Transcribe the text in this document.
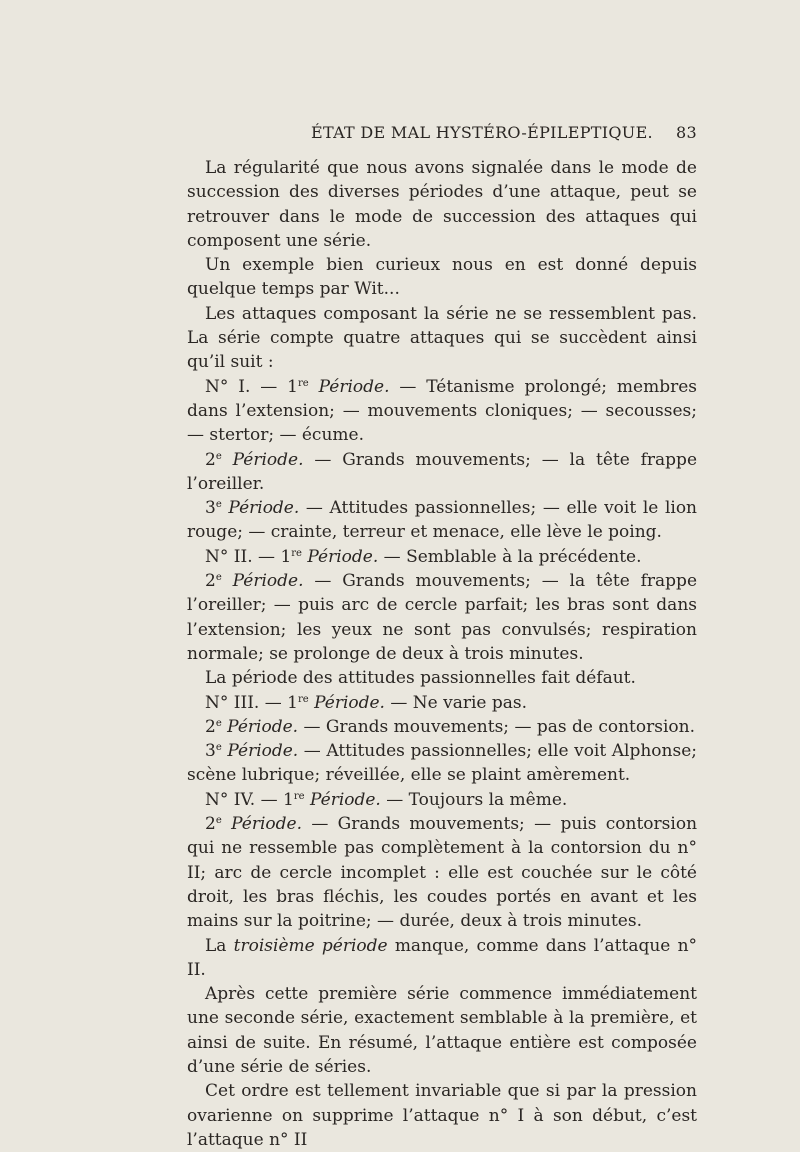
ÉTAT DE MAL HYSTÉRO-ÉPILEPTIQUE. 83

La régularité que nous avons signalée dans le mode de succession des diverses périodes d’une attaque, peut se retrouver dans le mode de succession des attaques qui composent une série.

Un exemple bien curieux nous en est donné depuis quelque temps par Wit...

Les attaques composant la série ne se ressemblent pas. La série compte quatre attaques qui se succèdent ainsi qu’il suit :

N° I. — 1re Période. — Tétanisme prolongé; membres dans l’extension; — mouvements cloniques; — secousses; — stertor; — écume.

2e Période. — Grands mouvements; — la tête frappe l’oreiller.

3e Période. — Attitudes passionnelles; — elle voit le lion rouge; — crainte, terreur et menace, elle lève le poing.

N° II. — 1re Période. — Semblable à la précédente.

2e Période. — Grands mouvements; — la tête frappe l’oreiller; — puis arc de cercle parfait; les bras sont dans l’extension; les yeux ne sont pas convulsés; respiration normale; se prolonge de deux à trois minutes.

La période des attitudes passionnelles fait défaut.

N° III. — 1re Période. — Ne varie pas.

2e Période. — Grands mouvements; — pas de contorsion.

3e Période. — Attitudes passionnelles; elle voit Alphonse; scène lubrique; réveillée, elle se plaint amèrement.

N° IV. — 1re Période. — Toujours la même.

2e Période. — Grands mouvements; — puis contorsion qui ne ressemble pas complètement à la contorsion du n° II; arc de cercle incomplet : elle est couchée sur le côté droit, les bras fléchis, les coudes portés en avant et les mains sur la poitrine; — durée, deux à trois minutes.

La troisième période manque, comme dans l’attaque n° II.

Après cette première série commence immédiatement une seconde série, exactement semblable à la première, et ainsi de suite. En résumé, l’attaque entière est composée d’une série de séries.

Cet ordre est tellement invariable que si par la pression ovarienne on supprime l’attaque n° I à son début, c’est l’attaque n° II
